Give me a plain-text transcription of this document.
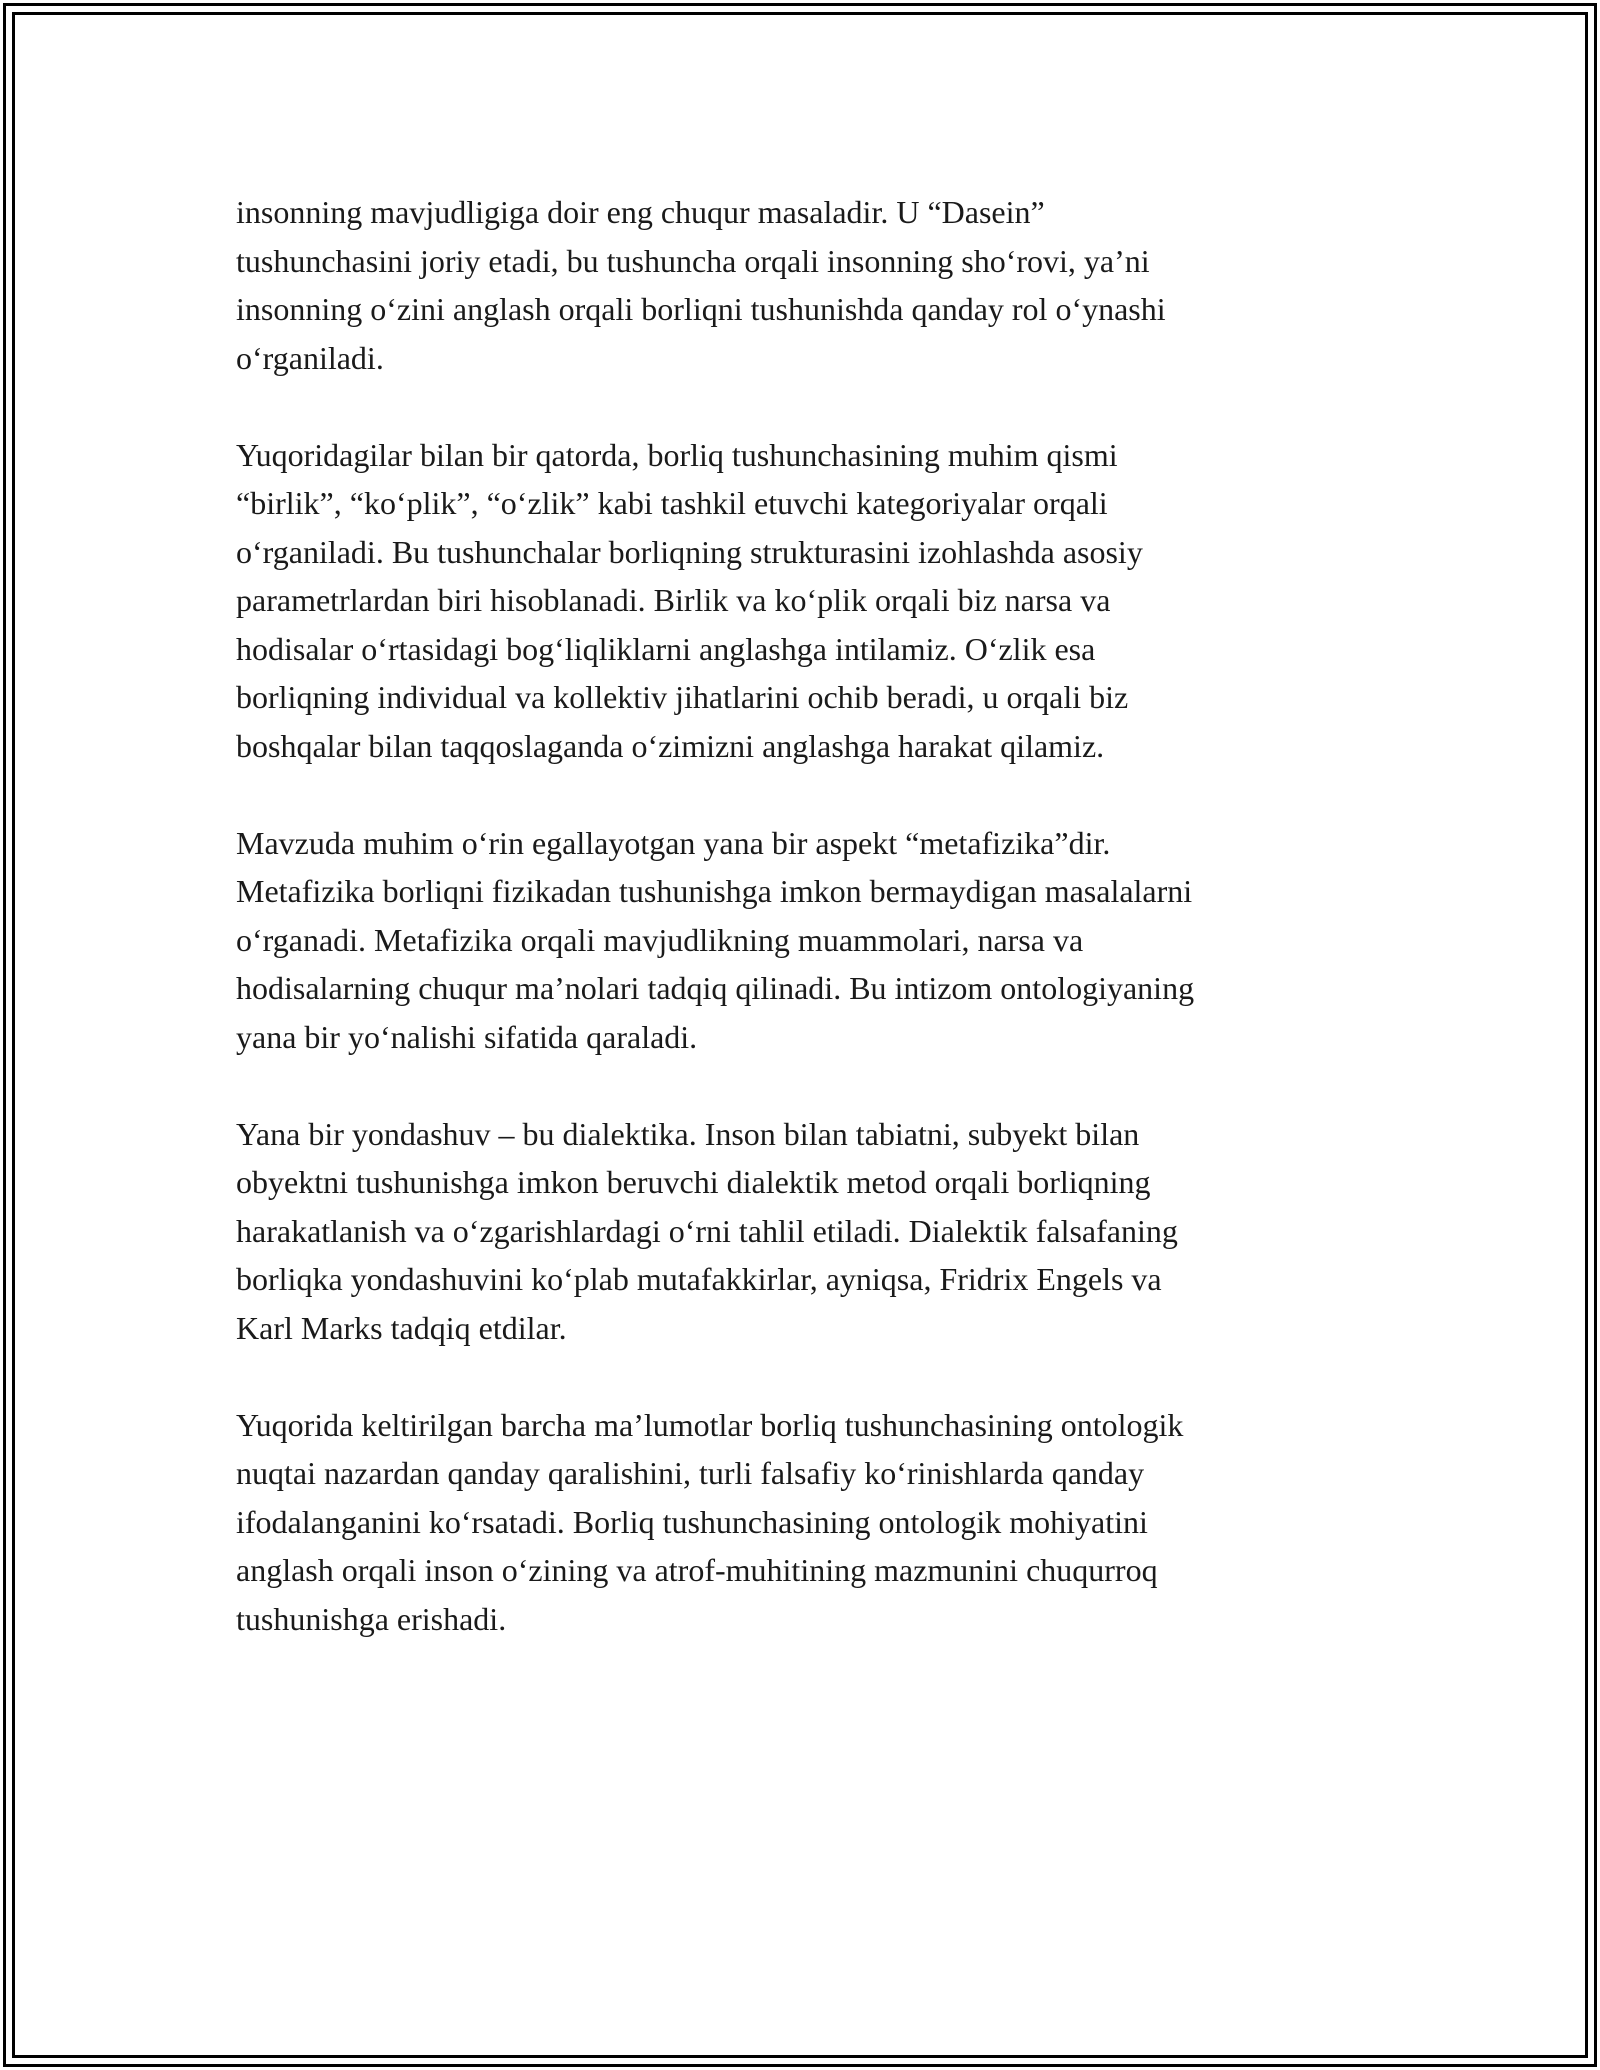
insonning mavjudligiga doir eng chuqur masaladir. U “Dasein”
tushunchasini joriy etadi, bu tushuncha orqali insonning sho‘rovi, ya’ni
insonning o‘zini anglash orqali borliqni tushunishda qanday rol o‘ynashi
o‘rganiladi.

Yuqoridagilar bilan bir qatorda, borliq tushunchasining muhim qismi
“birlik”, “ko‘plik”, “o‘zlik” kabi tashkil etuvchi kategoriyalar orqali
o‘rganiladi. Bu tushunchalar borliqning strukturasini izohlashda asosiy
parametrlardan biri hisoblanadi. Birlik va ko‘plik orqali biz narsa va
hodisalar o‘rtasidagi bog‘liqliklarni anglashga intilamiz. O‘zlik esa
borliqning individual va kollektiv jihatlarini ochib beradi, u orqali biz
boshqalar bilan taqqoslaganda o‘zimizni anglashga harakat qilamiz.

Mavzuda muhim o‘rin egallayotgan yana bir aspekt “metafizika”dir.
Metafizika borliqni fizikadan tushunishga imkon bermaydigan masalalarni
o‘rganadi. Metafizika orqali mavjudlikning muammolari, narsa va
hodisalarning chuqur ma’nolari tadqiq qilinadi. Bu intizom ontologiyaning
yana bir yo‘nalishi sifatida qaraladi.

Yana bir yondashuv – bu dialektika. Inson bilan tabiatni, subyekt bilan
obyektni tushunishga imkon beruvchi dialektik metod orqali borliqning
harakatlanish va o‘zgarishlardagi o‘rni tahlil etiladi. Dialektik falsafaning
borliqka yondashuvini ko‘plab mutafakkirlar, ayniqsa, Fridrix Engels va
Karl Marks tadqiq etdilar.

Yuqorida keltirilgan barcha ma’lumotlar borliq tushunchasining ontologik
nuqtai nazardan qanday qaralishini, turli falsafiy ko‘rinishlarda qanday
ifodalanganini ko‘rsatadi. Borliq tushunchasining ontologik mohiyatini
anglash orqali inson o‘zining va atrof-muhitining mazmunini chuqurroq
tushunishga erishadi.
